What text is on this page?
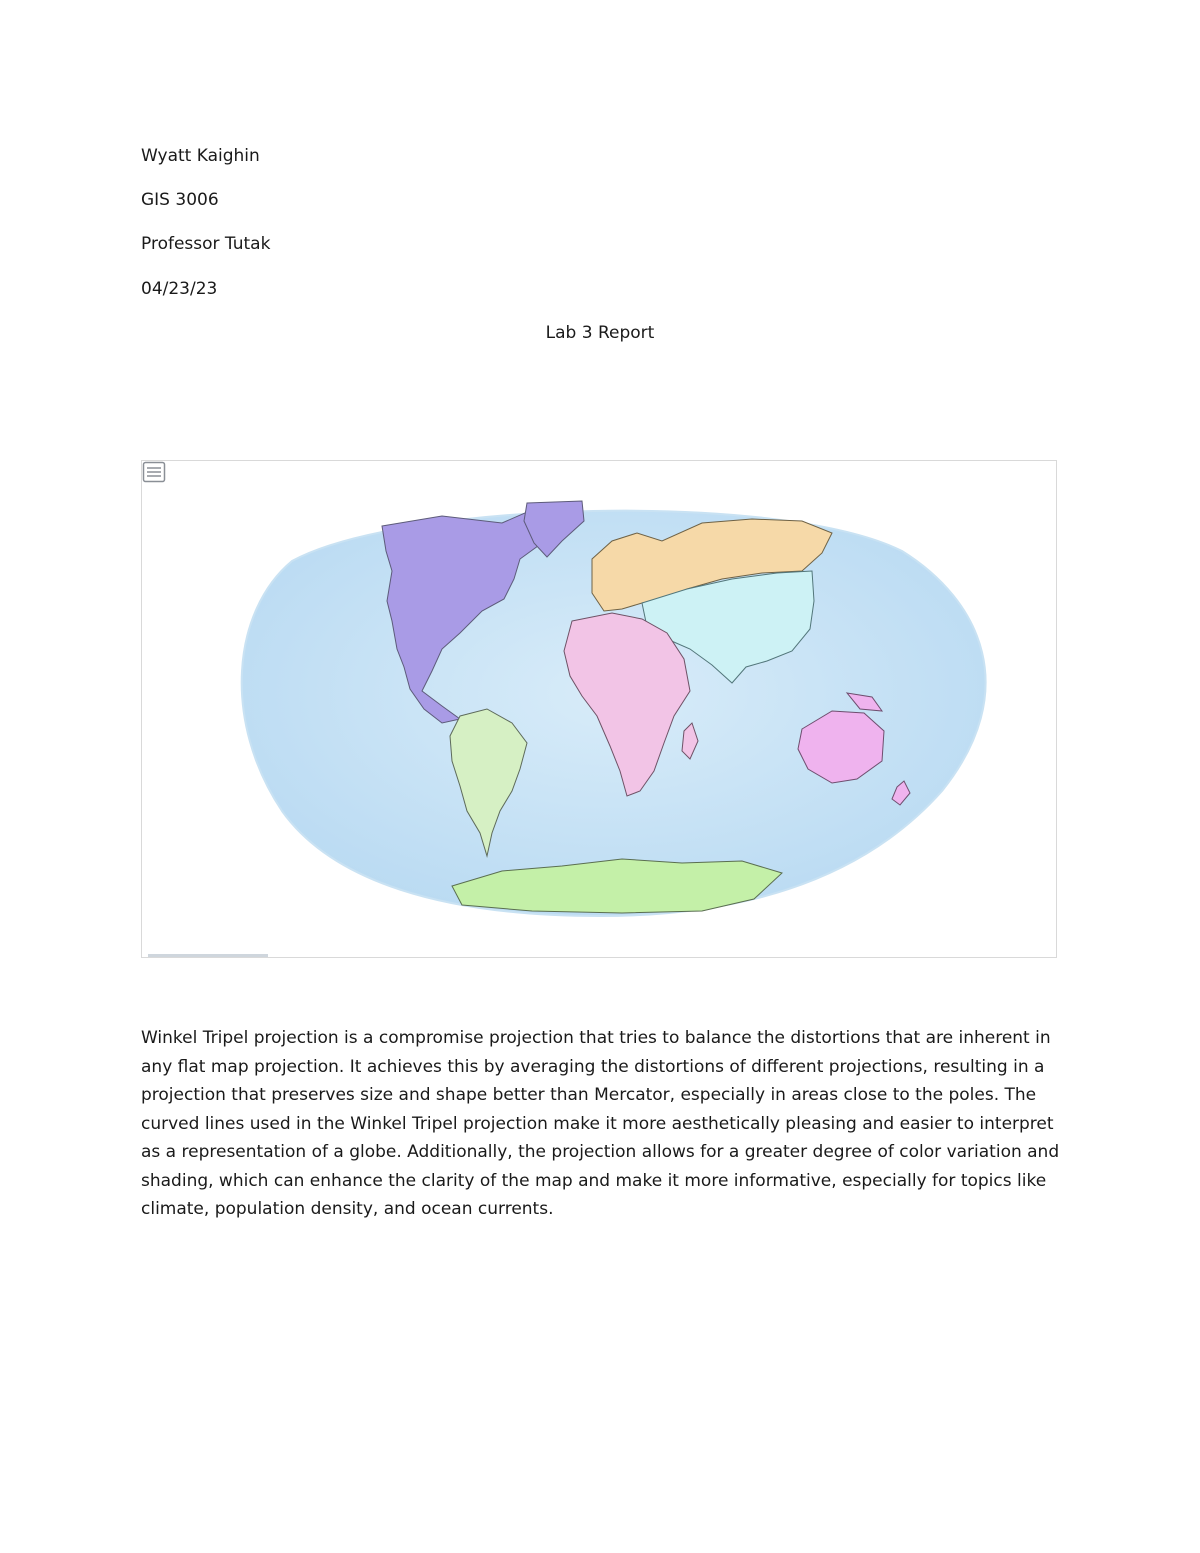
Wyatt Kaighin
GIS 3006
Professor Tutak
04/23/23
Lab 3 Report

Winkel Tripel projection is a compromise projection that tries to balance the distortions that are inherent in any flat map projection. It achieves this by averaging the distortions of different projections, resulting in a projection that preserves size and shape better than Mercator, especially in areas close to the poles. The curved lines used in the Winkel Tripel projection make it more aesthetically pleasing and easier to interpret as a representation of a globe. Additionally, the projection allows for a greater degree of color variation and shading, which can enhance the clarity of the map and make it more informative, especially for topics like climate, population density, and ocean currents.
